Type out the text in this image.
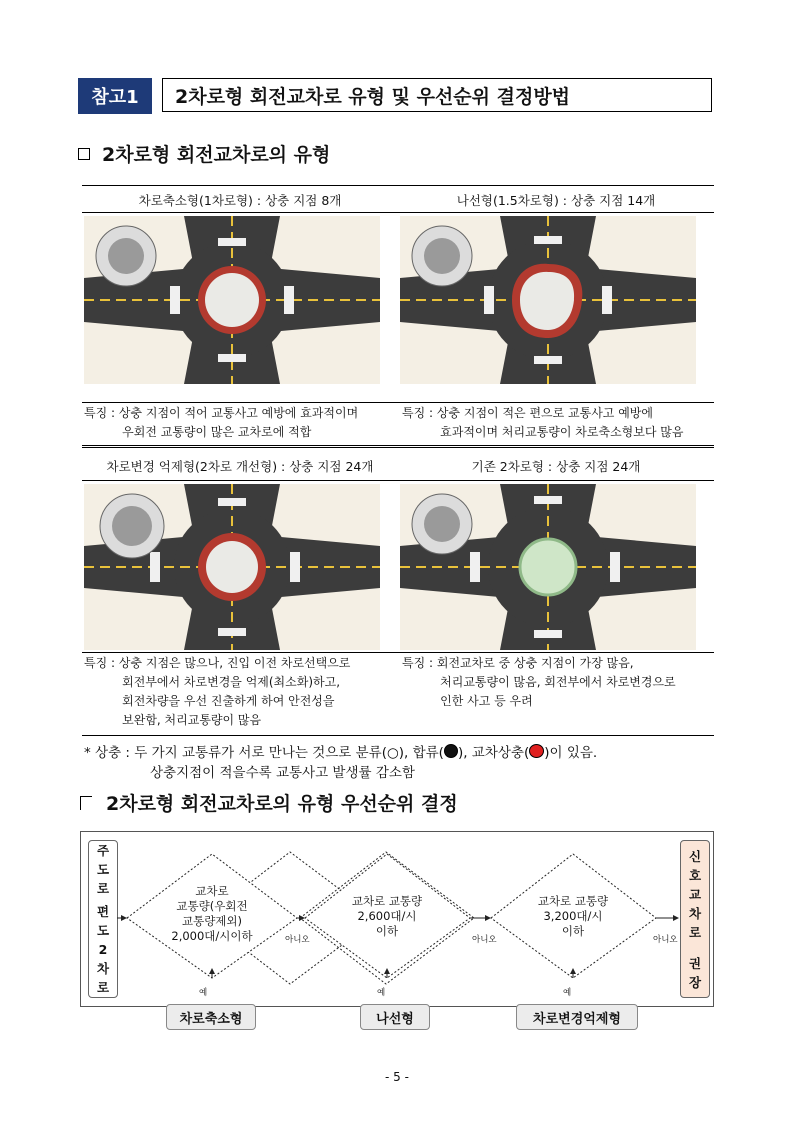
참고1	2차로형 회전교차로 유형 및 우선순위 결정방법
2차로형 회전교차로의 유형
차로축소형(1차로형) : 상충 지점 8개	나선형(1.5차로형) : 상충 지점 14개
차로변경 억제형(2차로 개선형) : 상충 지점 24개	기존 2차로형 : 상충 지점 24개
특징 : 상충 지점이 적어 교통사고 예방에 효과적이며
우회전 교통량이 많은 교차로에 적합
특징 : 상충 지점이 적은 편으로 교통사고 예방에
효과적이며 처리교통량이 차로축소형보다 많음
특징 : 상충 지점은 많으나, 진입 이전 차로선택으로
회전부에서 차로변경을 억제(최소화)하고,
회전차량을 우선 진출하게 하여 안전성을
보완함, 처리교통량이 많음
특징 : 회전교차로 중 상충 지점이 가장 많음,
처리교통량이 많음, 회전부에서 차로변경으로
인한 사고 등 우려
* 상충 : 두 가지 교통류가 서로 만나는 것으로 분류(○), 합류( ), 교차상충( )이 있음.
상충지점이 적을수록 교통사고 발생률 감소함
2차로형 회전교차로의 유형 우선순위 결정
주
도
로
편
도
2
차
로
신
호
교
차
로
권
장
교차로
교통량(우회전
교통량제외)
2,000대/시이하
교차로 교통량
2,600대/시
이하
교차로 교통량
3,200대/시
이하
아니오	아니오	아니오
예	예	예
차로축소형	나선형	차로변경억제형
- 5 -
